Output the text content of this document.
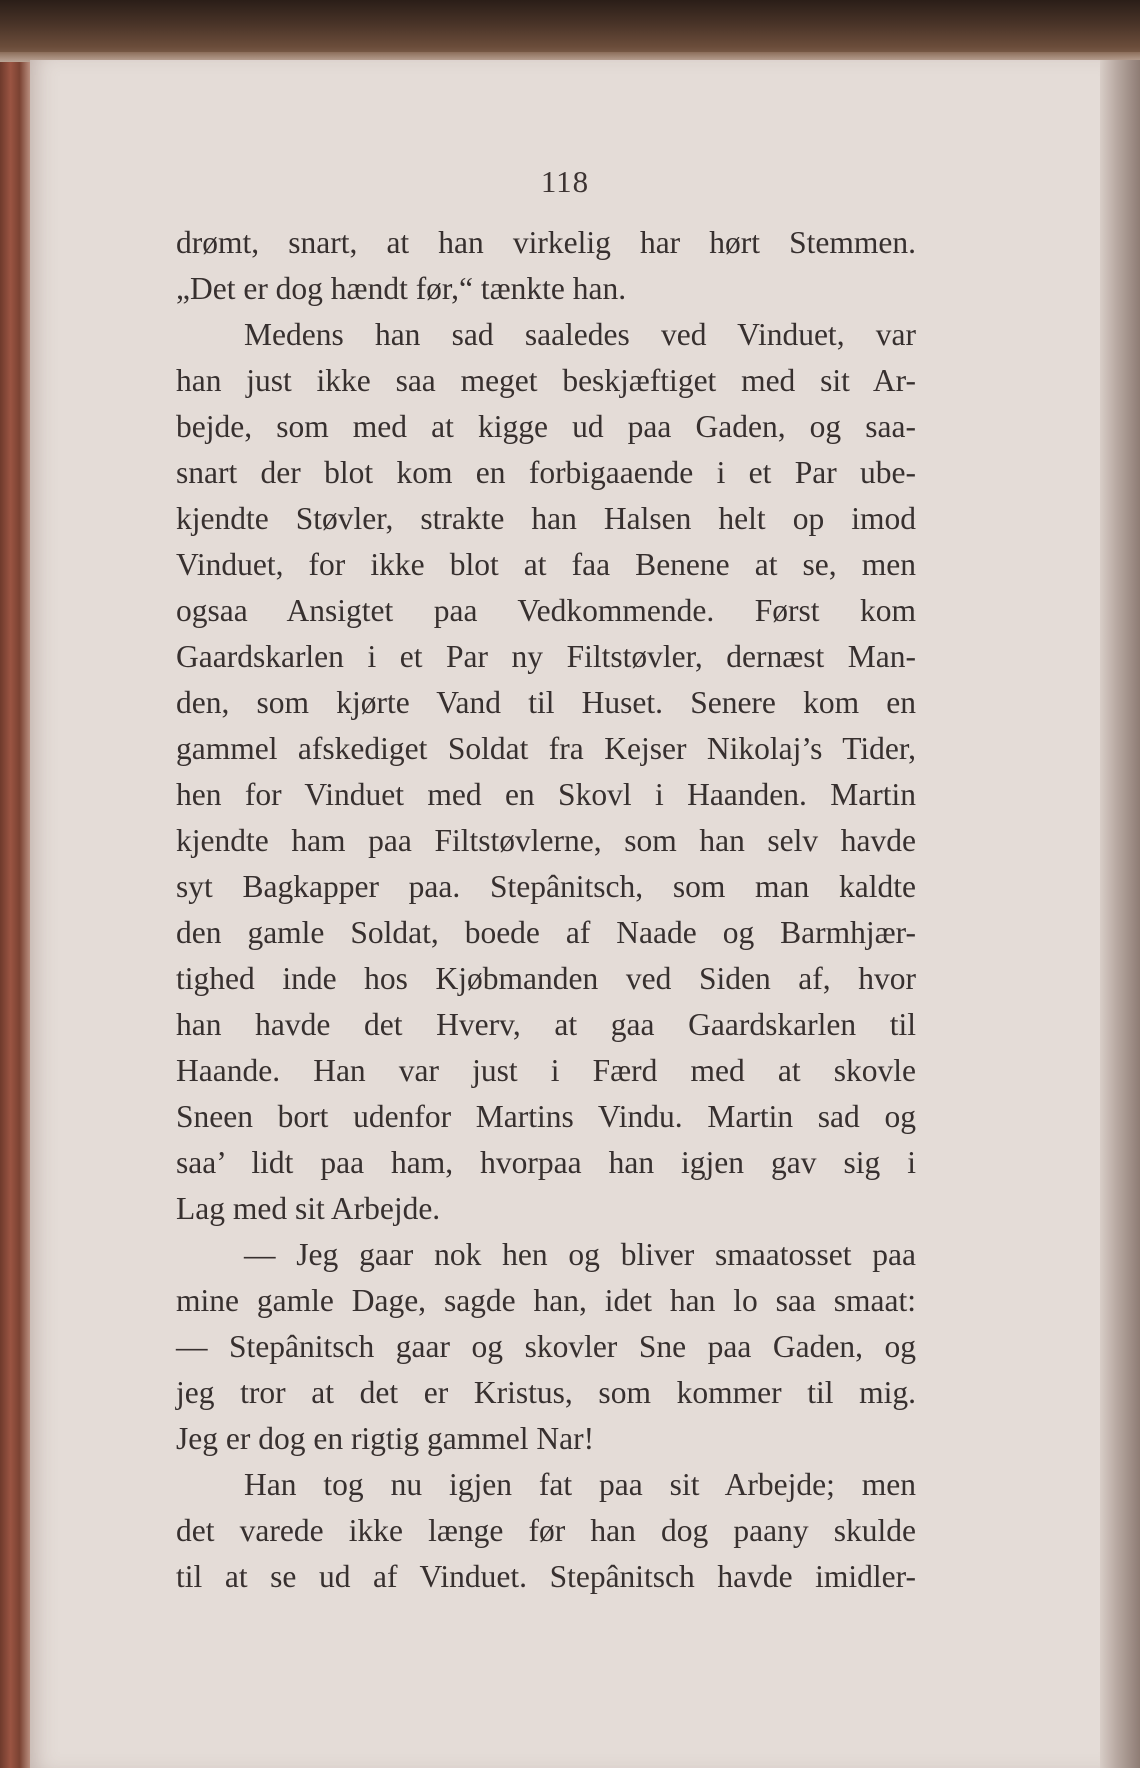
118
drømt, snart, at han virkelig har hørt Stemmen.
„Det er dog hændt før,“ tænkte han.
Medens han sad saaledes ved Vinduet, var
han just ikke saa meget beskjæftiget med sit Ar-
bejde, som med at kigge ud paa Gaden, og saa-
snart der blot kom en forbigaaende i et Par ube-
kjendte Støvler, strakte han Halsen helt op imod
Vinduet, for ikke blot at faa Benene at se, men
ogsaa Ansigtet paa Vedkommende. Først kom
Gaardskarlen i et Par ny Filtstøvler, dernæst Man-
den, som kjørte Vand til Huset. Senere kom en
gammel afskediget Soldat fra Kejser Nikolaj’s Tider,
hen for Vinduet med en Skovl i Haanden. Martin
kjendte ham paa Filtstøvlerne, som han selv havde
syt Bagkapper paa. Stepânitsch, som man kaldte
den gamle Soldat, boede af Naade og Barmhjær-
tighed inde hos Kjøbmanden ved Siden af, hvor
han havde det Hverv, at gaa Gaardskarlen til
Haande. Han var just i Færd med at skovle
Sneen bort udenfor Martins Vindu. Martin sad og
saa’ lidt paa ham, hvorpaa han igjen gav sig i
Lag med sit Arbejde.
— Jeg gaar nok hen og bliver smaatosset paa
mine gamle Dage, sagde han, idet han lo saa smaat:
— Stepânitsch gaar og skovler Sne paa Gaden, og
jeg tror at det er Kristus, som kommer til mig.
Jeg er dog en rigtig gammel Nar!
Han tog nu igjen fat paa sit Arbejde; men
det varede ikke længe før han dog paany skulde
til at se ud af Vinduet. Stepânitsch havde imidler-
